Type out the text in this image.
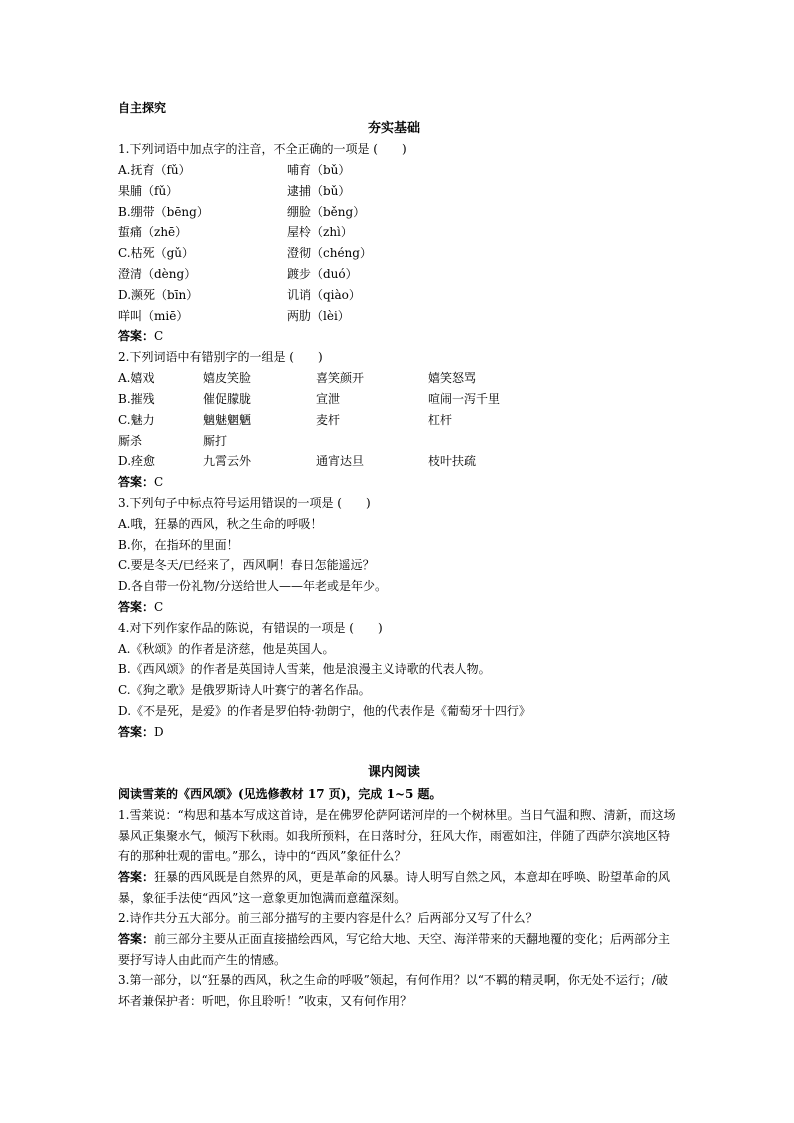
自主探究
夯实基础
1.下列词语中加点字的注音，不全正确的一项是 (　　)
A.抚育（fǔ）	哺育（bǔ）
果脯（fǔ）	逮捕（bǔ）
B.绷带（bēng）	绷脸（běng）
蜇痛（zhē）	屋柃（zhì）
C.枯死（gǔ）	澄彻（chéng）
澄清（dèng）	踱步（duó）
D.濒死（bīn）	讥诮（qiào）
咩叫（miē）	两肋（lèi）
答案：C
2.下列词语中有错别字的一组是 (　　)
A.嬉戏	嬉皮笑脸	喜笑颜开	嬉笑怒骂
B.摧残	催促朦胧	宣泄	喧闹一泻千里
C.魅力	魑魅魍魉	麦杆	杠杆
厮杀	厮打
D.痊愈	九霄云外	通宵达旦	枝叶扶疏
答案：C
3.下列句子中标点符号运用错误的一项是 (　　)
A.哦，狂暴的西风，秋之生命的呼吸！
B.你，在指环的里面！
C.要是冬天/已经来了，西风啊！春日怎能遥远？
D.各自带一份礼物/分送给世人——年老或是年少。
答案：C
4.对下列作家作品的陈说，有错误的一项是 (　　)
A.《秋颂》的作者是济慈，他是英国人。
B.《西风颂》的作者是英国诗人雪莱，他是浪漫主义诗歌的代表人物。
C.《狗之歌》是俄罗斯诗人叶赛宁的著名作品。
D.《不是死，是爱》的作者是罗伯特·勃朗宁，他的代表作是《葡萄牙十四行》
答案：D
课内阅读
阅读雪莱的《西风颂》(见选修教材 17 页)，完成 1~5 题。
1.雪莱说：“构思和基本写成这首诗，是在佛罗伦萨阿诺河岸的一个树林里。当日气温和煦、清新，而这场暴风正集聚水气，倾泻下秋雨。如我所预料，在日落时分，狂风大作，雨雹如注，伴随了西萨尔滨地区特有的那种壮观的雷电。”那么，诗中的“西风”象征什么？
答案：狂暴的西风既是自然界的风，更是革命的风暴。诗人明写自然之风，本意却在呼唤、盼望革命的风暴，象征手法使“西风”这一意象更加饱满而意蕴深刻。
2.诗作共分五大部分。前三部分描写的主要内容是什么？后两部分又写了什么？
答案：前三部分主要从正面直接描绘西风，写它给大地、天空、海洋带来的天翻地覆的变化；后两部分主要抒写诗人由此而产生的情感。
3.第一部分，以“狂暴的西风，秋之生命的呼吸”领起，有何作用？以“不羁的精灵啊，你无处不运行；/破坏者兼保护者：听吧，你且聆听！”收束，又有何作用？
